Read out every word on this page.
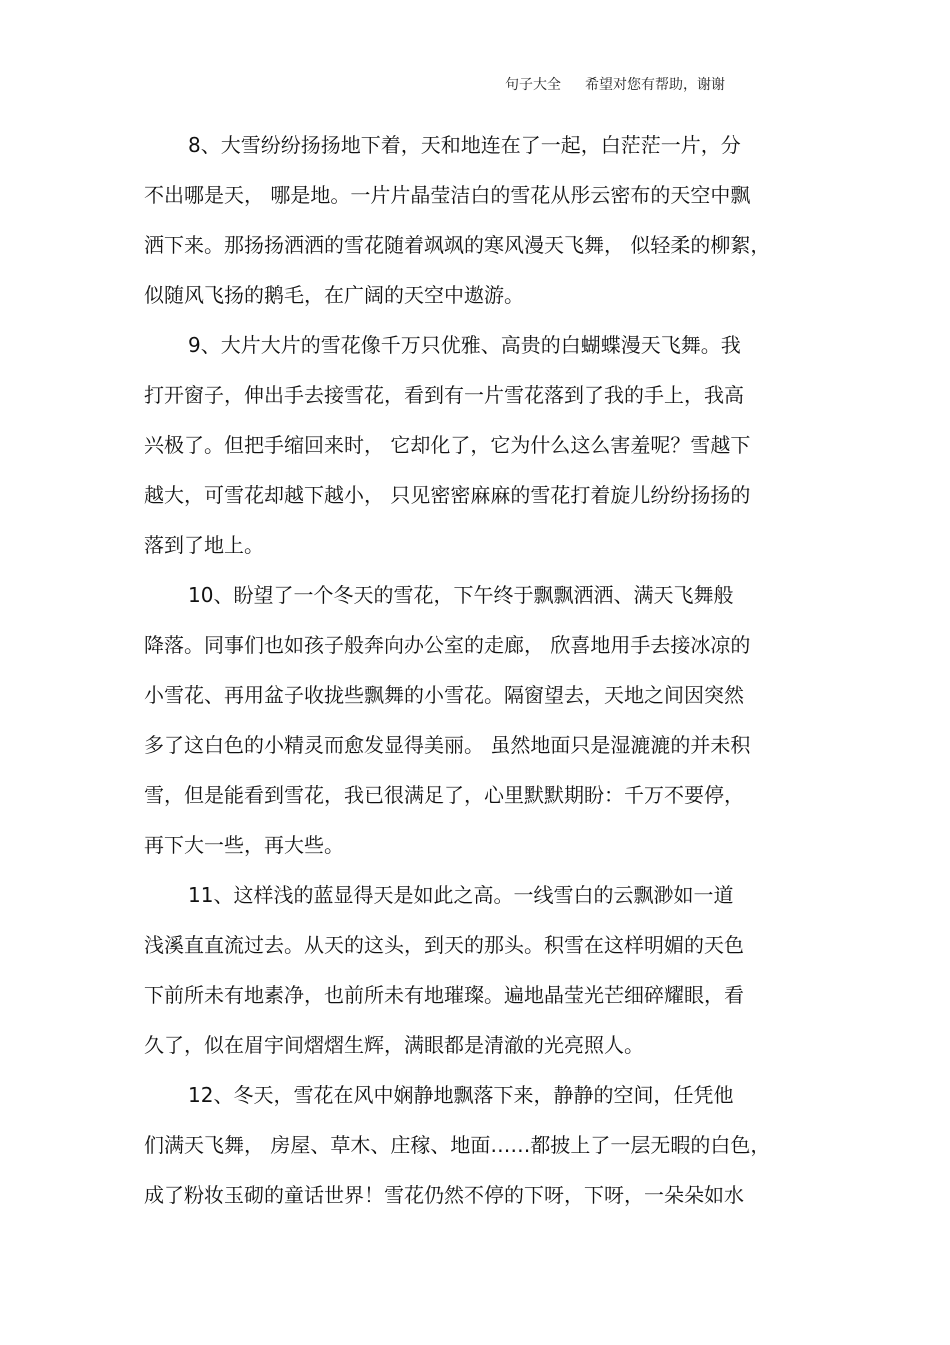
句子大全 希望对您有帮助，谢谢
8、大雪纷纷扬扬地下着，天和地连在了一起，白茫茫一片，分
不出哪是天， 哪是地。一片片晶莹洁白的雪花从彤云密布的天空中飘
洒下来。那扬扬洒洒的雪花随着飒飒的寒风漫天飞舞， 似轻柔的柳絮，
似随风飞扬的鹅毛，在广阔的天空中遨游。
9、大片大片的雪花像千万只优雅、高贵的白蝴蝶漫天飞舞。我
打开窗子，伸出手去接雪花，看到有一片雪花落到了我的手上，我高
兴极了。但把手缩回来时， 它却化了，它为什么这么害羞呢？雪越下
越大，可雪花却越下越小， 只见密密麻麻的雪花打着旋儿纷纷扬扬的
落到了地上。
10、盼望了一个冬天的雪花，下午终于飘飘洒洒、满天飞舞般
降落。同事们也如孩子般奔向办公室的走廊， 欣喜地用手去接冰凉的
小雪花、再用盆子收拢些飘舞的小雪花。隔窗望去，天地之间因突然
多了这白色的小精灵而愈发显得美丽。 虽然地面只是湿漉漉的并未积
雪，但是能看到雪花，我已很满足了，心里默默期盼：千万不要停，
再下大一些，再大些。
11、这样浅的蓝显得天是如此之高。一线雪白的云飘渺如一道
浅溪直直流过去。从天的这头，到天的那头。积雪在这样明媚的天色
下前所未有地素净，也前所未有地璀璨。遍地晶莹光芒细碎耀眼，看
久了，似在眉宇间熠熠生辉，满眼都是清澈的光亮照人。
12、冬天，雪花在风中娴静地飘落下来，静静的空间，任凭他
们满天飞舞， 房屋、草木、庄稼、地面……都披上了一层无暇的白色，
成了粉妆玉砌的童话世界！雪花仍然不停的下呀，下呀，一朵朵如水
